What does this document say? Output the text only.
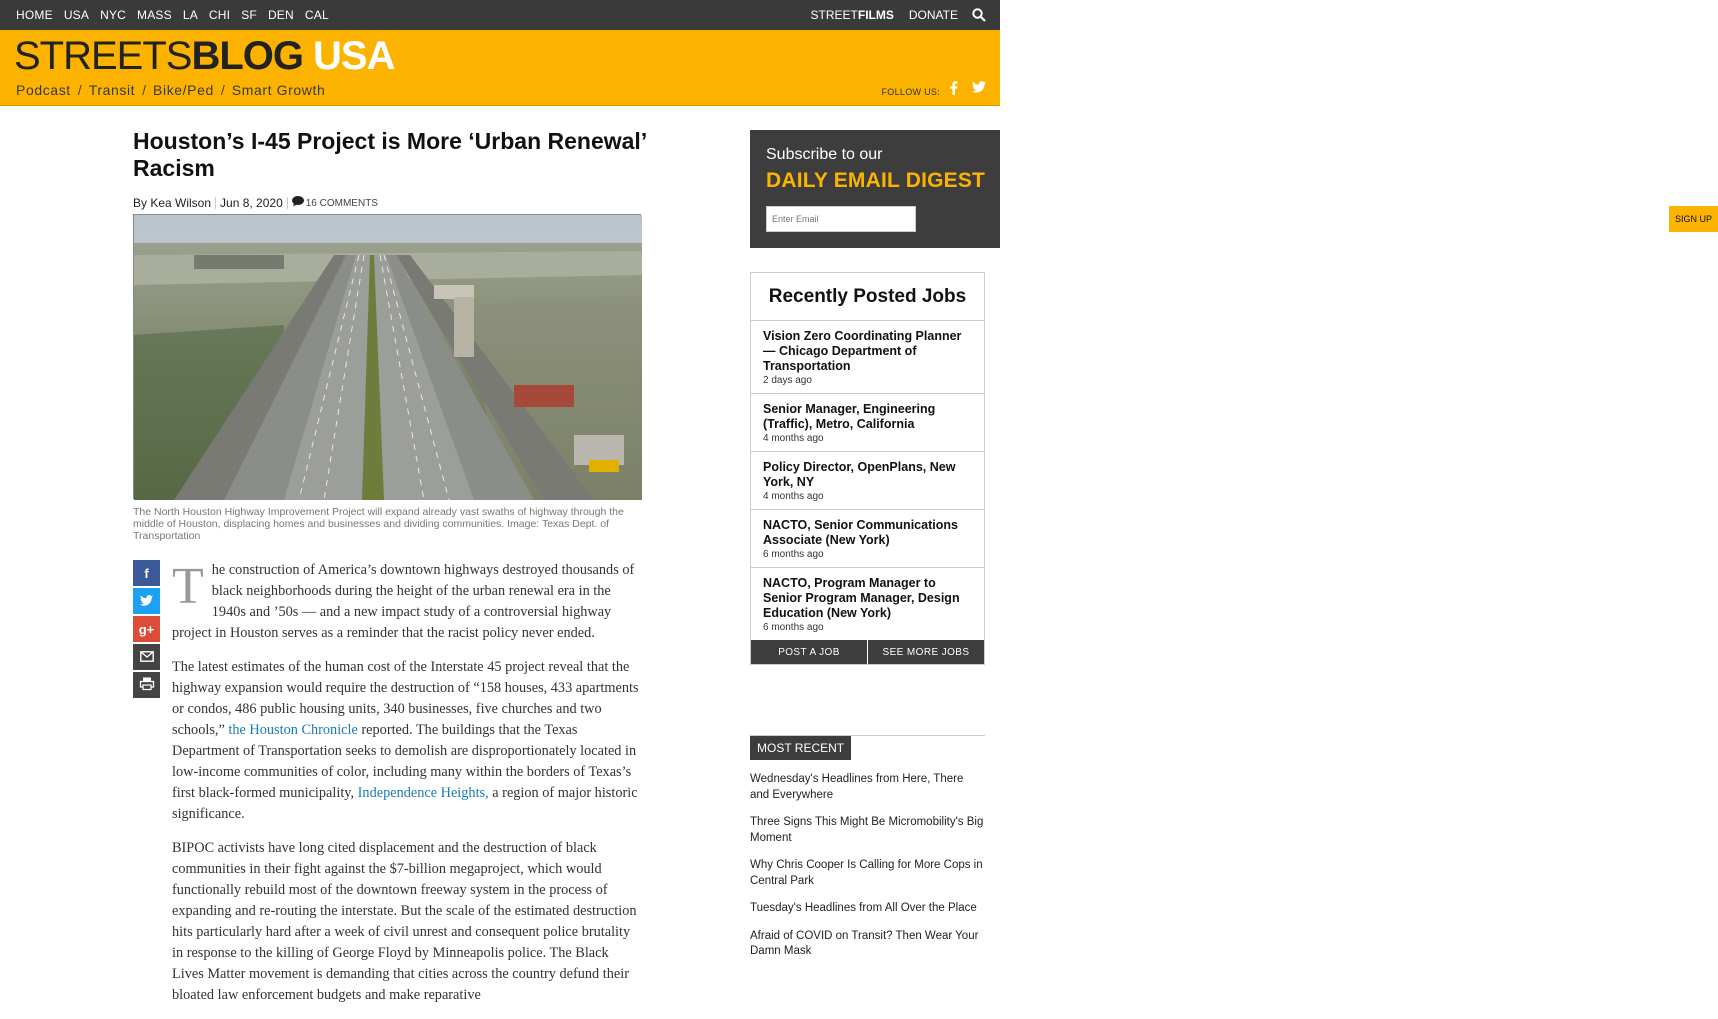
HOME USA NYC MASS LA CHI SF DEN CAL	STREETFILMS DONATE
STREETSBLOG USA
Podcast / Transit / Bike/Ped / Smart Growth	FOLLOW US:
Houston’s I-45 Project is More ‘Urban Renewal’ Racism
By Kea Wilson Jun 8, 2020 16 COMMENTS
The North Houston Highway Improvement Project will expand already vast swaths of highway through the middle of Houston, displacing homes and businesses and dividing communities. Image: Texas Dept. of Transportation
f
g+

The construction of America’s downtown highways destroyed thousands of black neighborhoods during the height of the urban renewal era in the 1940s and ’50s — and a new impact study of a controversial highway project in Houston serves as a reminder that the racist policy never ended.

The latest estimates of the human cost of the Interstate 45 project reveal that the highway expansion would require the destruction of “158 houses, 433 apartments or condos, 486 public housing units, 340 businesses, five churches and two schools,” the Houston Chronicle reported. The buildings that the Texas Department of Transportation seeks to demolish are disproportionately located in low-income communities of color, including many within the borders of Texas’s first black-formed municipality, Independence Heights, a region of major historic significance.

BIPOC activists have long cited displacement and the destruction of black communities in their fight against the $7-billion megaproject, which would functionally rebuild most of the downtown freeway system in the process of expanding and re-routing the interstate. But the scale of the estimated destruction hits particularly hard after a week of civil unrest and consequent police brutality in response to the killing of George Floyd by Minneapolis police. The Black Lives Matter movement is demanding that cities across the country defund their bloated law enforcement budgets and make reparative

Subscribe to our
DAILY EMAIL DIGEST
Enter Email
SIGN UP
Recently Posted Jobs
Vision Zero Coordinating Planner — Chicago Department of Transportation
2 days ago
Senior Manager, Engineering (Traffic), Metro, California
4 months ago
Policy Director, OpenPlans, New York, NY
4 months ago
NACTO, Senior Communications Associate (New York)
6 months ago
NACTO, Program Manager to Senior Program Manager, Design Education (New York)
6 months ago
POST A JOB	SEE MORE JOBS
MOST RECENT
Wednesday's Headlines from Here, There and Everywhere
Three Signs This Might Be Micromobility's Big Moment
Why Chris Cooper Is Calling for More Cops in Central Park
Tuesday's Headlines from All Over the Place
Afraid of COVID on Transit? Then Wear Your Damn Mask
